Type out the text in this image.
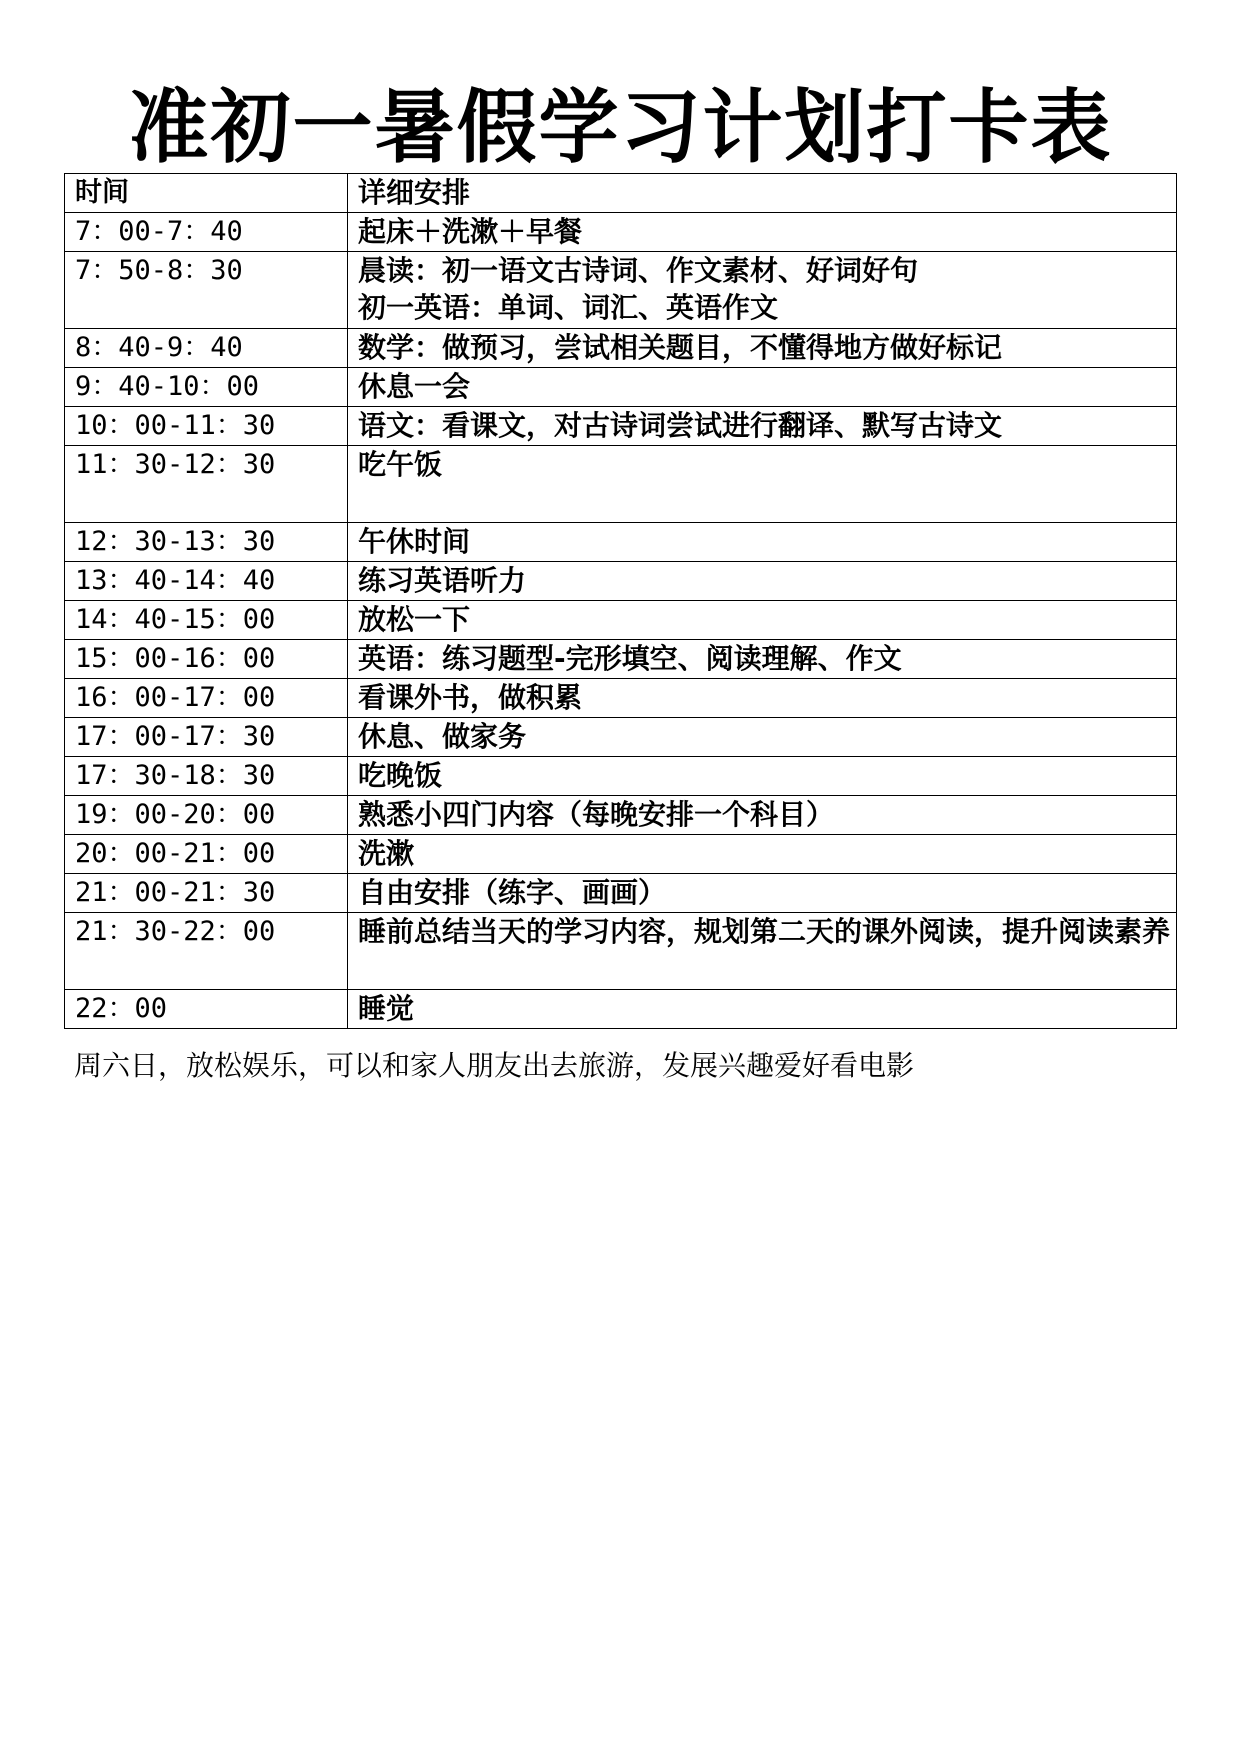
准初一暑假学习计划打卡表
时间	详细安排
7：00-7：40	起床＋洗漱＋早餐
7：50-8：30	晨读：初一语文古诗词、作文素材、好词好句
初一英语：单词、词汇、英语作文

8：40-9：40	数学：做预习，尝试相关题目，不懂得地方做好标记
9：40-10：00	休息一会
10：00-11：30	语文：看课文，对古诗词尝试进行翻译、默写古诗文
11：30-12：30	吃午饭
12：30-13：30	午休时间
13：40-14：40	练习英语听力
14：40-15：00	放松一下
15：00-16：00	英语：练习题型-完形填空、阅读理解、作文
16：00-17：00	看课外书，做积累
17：00-17：30	休息、做家务
17：30-18：30	吃晚饭
19：00-20：00	熟悉小四门内容（每晚安排一个科目）
20：00-21：00	洗漱
21：00-21：30	自由安排（练字、画画）
21：30-22：00	睡前总结当天的学习内容，规划第二天的课外阅读，提升阅读素养
22：00	睡觉
周六日，放松娱乐，可以和家人朋友出去旅游，发展兴趣爱好看电影
